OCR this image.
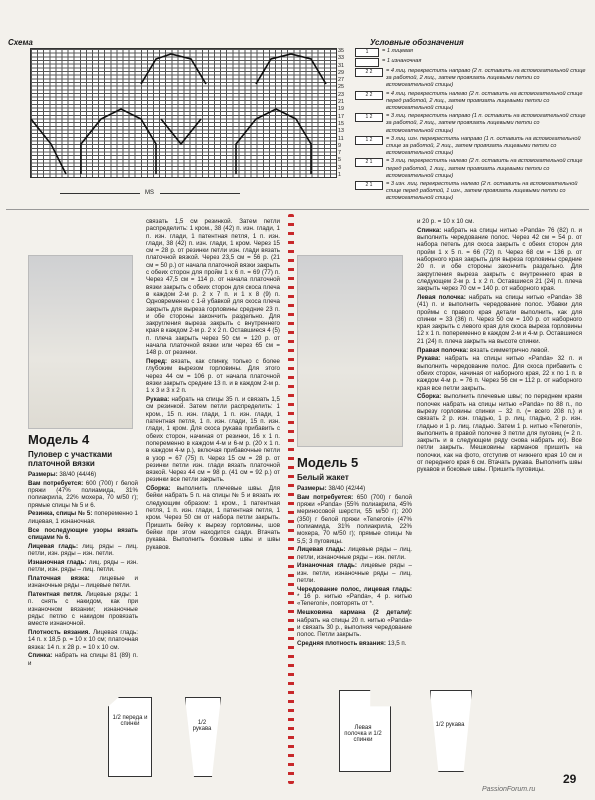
Схема
35
33
31
29
27
25
23
21
19
17
15
13
11
9
7
5
3
1
MS
Условные обозначения
1	= 1 лицевая
= 1 изнаночная
2 2	= 4 лиц. перекрестить направо (2 п. оставить на вспомогательной спице за работой, 2 лиц., затем провязать лицевыми петли со вспомогательной спицы)
2 2	= 4 лиц. перекрестить налево (2 п. оставить на вспомогательной спице перед работой, 2 лиц., затем провязать лицевыми петли со вспомогательной спицы)
1 2	= 3 лиц. перекрестить направо (1 п. оставить на вспомогательной спице за работой, 2 лиц., затем провязать лицевыми петли со вспомогательной спицы)
1 2	= 3 лиц. изн. перекрестить направо (1 п. оставить на вспомогательной спице за работой, 2 лиц., затем провязать лицевыми петли со вспомогательной спицы)
2 1	= 3 лиц. перекрестить налево (2 п. оставить на вспомогательной спице перед работой, 1 лиц., затем провязать лицевыми петли со вспомогательной спицы)
2 1	= 3 изн. лиц. перекрестить налево (2 п. оставить на вспомогательной спице перед работой, 1 изн., затем провязать лицевыми петли со вспомогательной спицы)
Модель 4
Пуловер с участками платочной вязки

Размеры: 38/40 (44/46)

Вам потребуется: 600 (700) г белой пряжи (47% полиамида, 31% полиакрила, 22% мохера, 70 м/50 г); прямые спицы № 5 и 6.

Резинка, спицы № 5: попеременно 1 лицевая, 1 изнаночная.

Все последующие узоры вязать спицами № 6.

Лицевая гладь: лиц. ряды – лиц. петли, изн. ряды – изн. петли.

Изнаночная гладь: лиц. ряды – изн. петли, изн. ряды – лиц. петли.

Платочная вязка: лицевые и изнаночные ряды – лицевые петли.

Патентная петля. Лицевые ряды: 1 п. снять с накидом, как при изнаночном вязании; изнаночные ряды: петлю с накидом провязать вместе изнаночной.

Плотность вязания. Лицевая гладь: 14 п. x 18,5 р. = 10 x 10 см; платочная вязка: 14 п. x 28 р. = 10 x 10 см.

Спинка: набрать на спицы 81 (89) п. и

связать 1,5 см резинкой. Затем петли распределить: 1 кром., 38 (42) п. изн. глади, 1 п. изн. глади, 1 патентная петля, 1 п. изн. глади, 38 (42) п. изн. глади, 1 кром. Через 15 см = 28 р. от резинки петли изн. глади вязать платочной вязкой. Через 23,5 см = 56 р. (21 см = 50 р.) от начала платочной вязки закрыть с обеих сторон для пройм 1 x 6 п. = 69 (77) п. Через 47,5 см = 114 р. от начала платочной вязки закрыть с обеих сторон для скоса плеча в каждом 2-м р. 2 x 7 п. и 1 x 8 (9) п. Одновременно с 1-й убавкой для скоса плеча закрыть для выреза горловины средние 23 п. и обе стороны закончить раздельно. Для закругления выреза закрыть с внутреннего края в каждом 2-м р. 2 x 2 п. Оставшиеся 4 (5) п. плеча закрыть через 50 см = 120 р. от начала платочной вязки или через 65 см = 148 р. от резинки.

Перед: вязать, как спинку, только с более глубоким вырезом горловины. Для этого через 44 см = 106 р. от начала платочной вязки закрыть средние 13 п. и в каждом 2-м р. 1 x 3 и 3 x 2 п.

Рукава: набрать на спицы 35 п. и связать 1,5 см резинкой. Затем петли распределить: 1 кром., 15 п. изн. глади, 1 п. изн. глади, 1 патентная петля, 1 п. изн. глади, 15 п. изн. глади, 1 кром. Для скоса рукава прибавить с обеих сторон, начиная от резинки, 16 x 1 п. попеременно в каждом 4-м и 6-м р. (20 x 1 п. в каждом 4-м р.), включая прибавочные петли в узор = 67 (75) п. Через 15 см = 28 р. от резинки петли изн. глади вязать платочной вязкой. Через 44 см = 98 р. (41 см = 92 р.) от резинки все петли закрыть.

Сборка: выполнить плечевые швы. Для бейки набрать 5 п. на спицы № 5 и вязать их следующим образом: 1 кром., 1 патентная петля, 1 п. изн. глади, 1 патентная петля, 1 кром. Через 50 см от набора петли закрыть. Пришить бейку к вырезу горловины, шов бейки при этом находится сзади. Втачать рукава. Выполнить боковые швы и швы рукавов.

1/2 переда и спинки	1/2 рукава
Модель 5
Белый жакет

Размеры: 38/40 (42/44)

Вам потребуется: 650 (700) г белой пряжи «Panda» (55% полиакрила, 45% мериносовой шерсти, 55 м/50 г); 200 (350) г белой пряжи «Teneroni» (47% полиамида, 31% полиакрила, 22% мохера, 70 м/50 г); прямые спицы № 5,5; 3 пуговицы.

Лицевая гладь: лицевые ряды – лиц. петли, изнаночные ряды – изн. петли.

Изнаночная гладь: лицевые ряды – изн. петли, изнаночные ряды – лиц. петли.

Чередование полос, лицевая гладь: * 16 р. нитью «Panda», 4 р. нитью «Teneroni», повторять от *.

Мешковина кармана (2 детали): набрать на спицы 20 п. нитью «Panda» и связать 30 р., выполняя чередование полос. Петли закрыть.

Средняя плотность вязания: 13,5 п.

и 20 р. = 10 x 10 см.

Спинка: набрать на спицы нитью «Panda» 76 (82) п. и выполнить чередование полос. Через 42 см = 54 р. от набора петель для скоса закрыть с обеих сторон для пройм 1 x 5 п. = 66 (72) п. Через 68 см = 136 р. от наборного края закрыть для выреза горловины средние 20 п. и обе стороны закончить раздельно. Для закругления выреза закрыть с внутреннего края в следующем 2-м р. 1 x 2 п. Оставшиеся 21 (24) п. плеча закрыть через 70 см = 140 р. от наборного края.

Левая полочка: набрать на спицы нитью «Panda» 38 (41) п. и выполнить чередование полос. Убавки для проймы с правого края детали выполнить, как для спинки = 33 (36) п. Через 50 см = 100 р. от наборного края закрыть с левого края для скоса выреза горловины 12 x 1 п. попеременно в каждом 2-м и 4-м р. Оставшиеся 21 (24) п. плеча закрыть на высоте спинки.

Правая полочка: вязать симметрично левой.

Рукава: набрать на спицы нитью «Panda» 32 п. и выполнить чередование полос. Для скоса прибавить с обеих сторон, начиная от наборного края, 22 x по 1 п. в каждом 4-м р. = 76 п. Через 56 см = 112 р. от наборного края все петли закрыть.

Сборка: выполнить плечевые швы; по переднем краям полочек набрать на спицы нитью «Panda» по 88 п., по вырезу горловины спинки – 32 п. (= всего 208 п.) и связать 2 р. изн. гладью, 1 р. лиц. гладью, 2 р. изн. гладью и 1 р. лиц. гладью. Затем 1 р. нитью «Teneroni», выполнить в правой полочке 3 петли для пуговиц (= 2 п. закрыть и в следующем ряду снова набрать их). Все петли закрыть. Мешковины карманов пришить на полочки, как на фото, отступив от нижнего края 10 см и от переднего края 6 см. Втачать рукава. Выполнить швы рукавов и боковые швы. Пришить пуговицы.

Левая полочка и 1/2 спинки
1/2 рукава
29
PassionForum.ru
